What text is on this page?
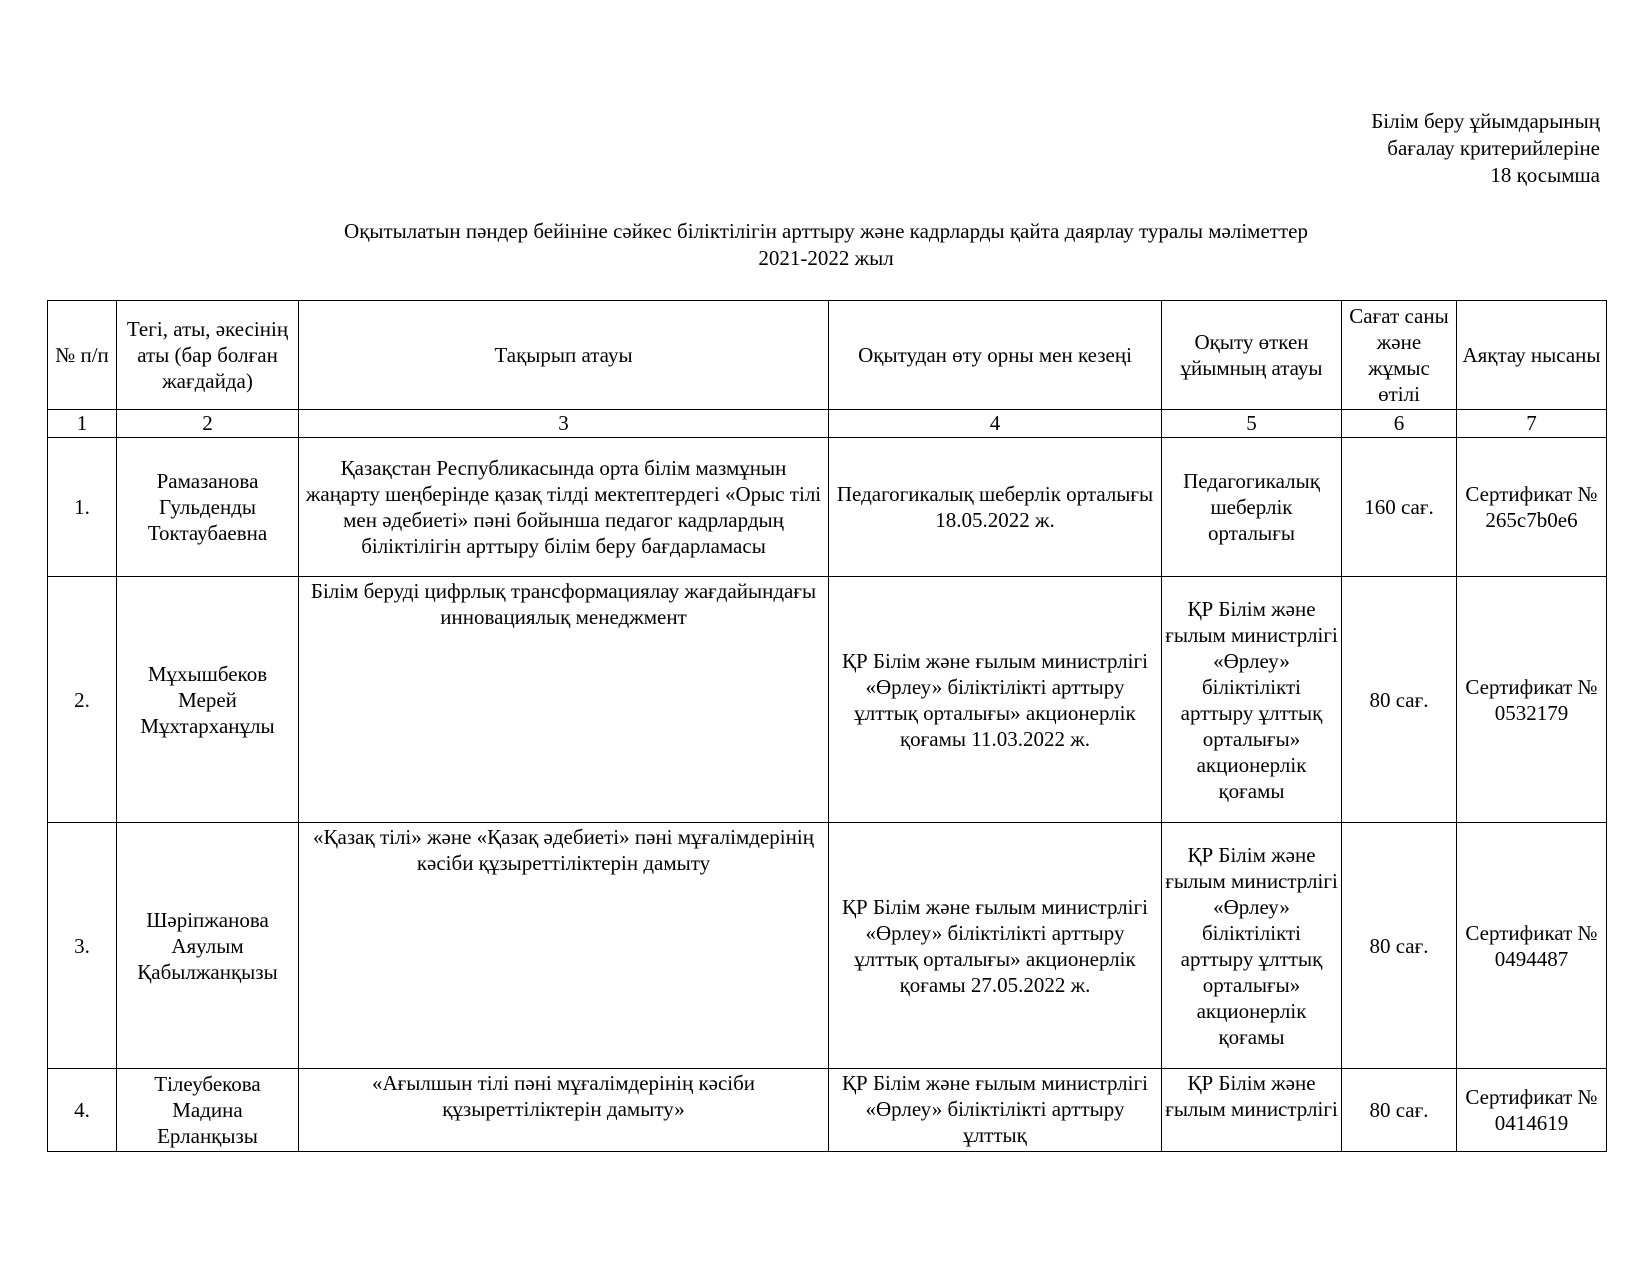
Білім беру ұйымдарының
бағалау критерийлеріне
18 қосымша
Оқытылатын пәндер бейініне сәйкес біліктілігін арттыру және кадрларды қайта даярлау туралы мәліметтер
2021-2022 жыл
№ п/п	Тегі, аты, әкесінің аты (бар болған жағдайда)	Тақырып атауы	Оқытудан өту орны мен кезеңі	Оқыту өткен ұйымның атауы	Сағат саны және жұмыс өтілі	Аяқтау нысаны
1	2	3	4	5	6	7
1.	Рамазанова Гульденды Токтаубаевна	Қазақстан Республикасында орта білім мазмұнын жаңарту шеңберінде қазақ тілді мектептердегі «Орыс тілі мен әдебиеті» пәні бойынша педагог кадрлардың біліктілігін арттыру білім беру бағдарламасы	Педагогикалық шеберлік орталығы 18.05.2022 ж.	Педагогикалық шеберлік орталығы	160 сағ.	Сертификат № 265c7b0e6
2.	Мұхышбеков Мерей Мұхтарханұлы	Білім беруді цифрлық трансформациялау жағдайындағы инновациялық менеджмент	ҚР Білім және ғылым министрлігі «Өрлеу» біліктілікті арттыру ұлттық орталығы» акционерлік қоғамы 11.03.2022 ж.	ҚР Білім және ғылым министрлігі «Өрлеу» біліктілікті арттыру ұлттық орталығы» акционерлік қоғамы	80 сағ.	Сертификат № 0532179
3.	Шәріпжанова Аяулым Қабылжанқызы	«Қазақ тілі» және «Қазақ әдебиеті» пәні мұғалімдерінің кәсіби құзыреттіліктерін дамыту	ҚР Білім және ғылым министрлігі «Өрлеу» біліктілікті арттыру ұлттық орталығы» акционерлік қоғамы 27.05.2022 ж.	ҚР Білім және ғылым министрлігі «Өрлеу» біліктілікті арттыру ұлттық орталығы» акционерлік қоғамы	80 сағ.	Сертификат № 0494487
4.	Тілеубекова Мадина Ерланқызы	«Ағылшын тілі пәні мұғалімдерінің кәсіби құзыреттіліктерін дамыту»	ҚР Білім және ғылым министрлігі «Өрлеу» біліктілікті арттыру ұлттық	ҚР Білім және ғылым министрлігі	80 сағ.	Сертификат № 0414619
